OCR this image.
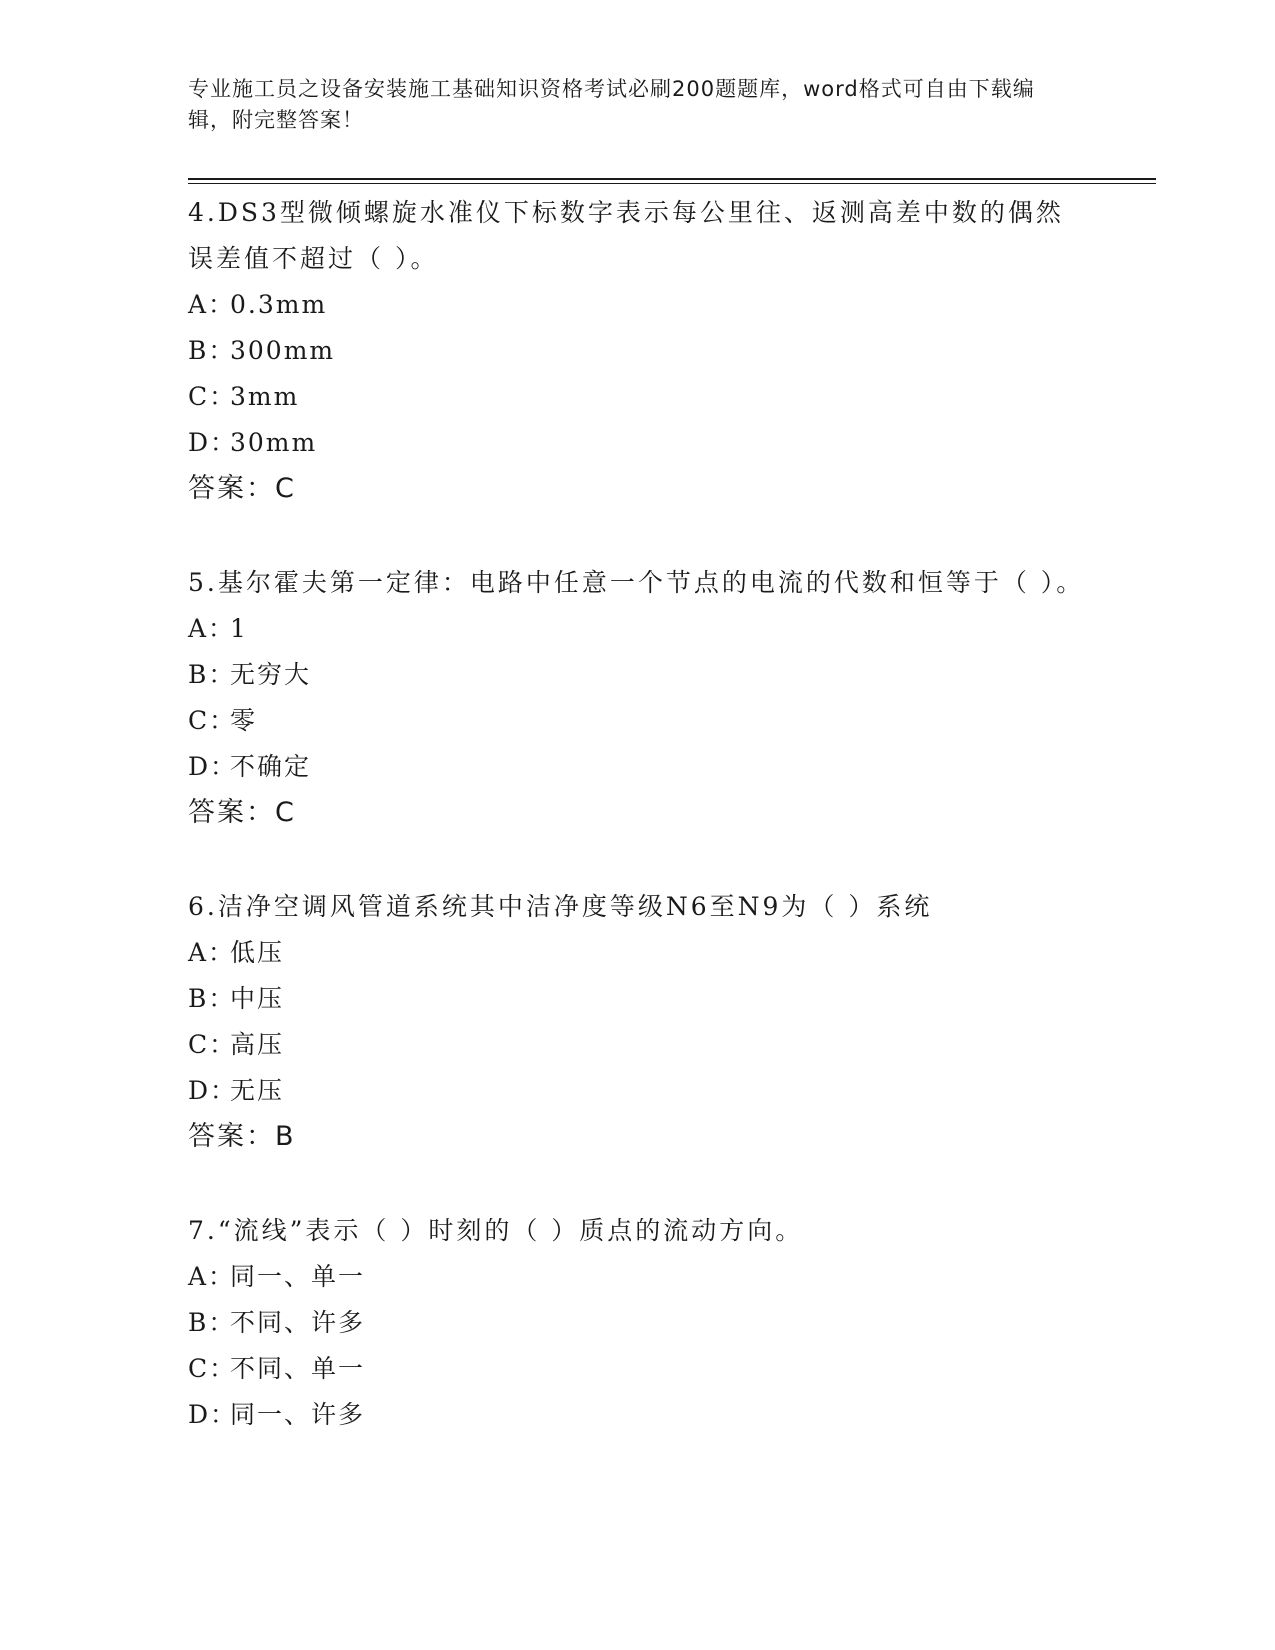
专业施工员之设备安装施工基础知识资格考试必刷200题题库，word格式可自由下载编辑，附完整答案！
4.DS3型微倾螺旋水准仪下标数字表示每公里往、返测高差中数的偶然误差值不超过（ ）。
A：0.3mm
B：300mm
C：3mm
D：30mm
答案：C
5.基尔霍夫第一定律：电路中任意一个节点的电流的代数和恒等于（ ）。
A：1
B：无穷大
C：零
D：不确定
答案：C
6.洁净空调风管道系统其中洁净度等级N6至N9为（ ）系统
A：低压
B：中压
C：高压
D：无压
答案：B
7.“流线”表示（ ）时刻的（ ）质点的流动方向。
A：同一、单一
B：不同、许多
C：不同、单一
D：同一、许多
